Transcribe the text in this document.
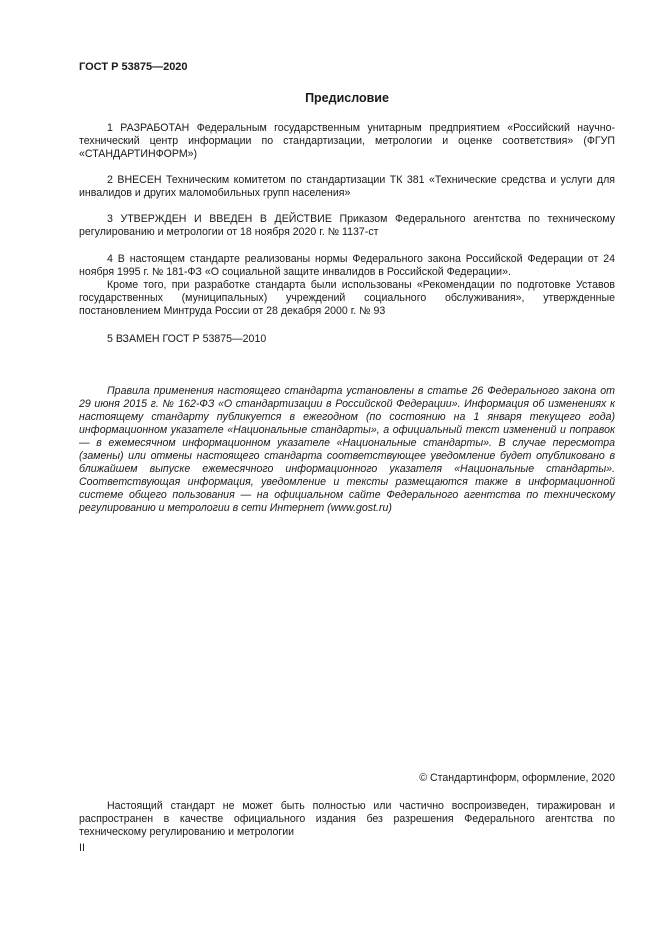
ГОСТ Р 53875—2020
Предисловие

1 РАЗРАБОТАН Федеральным государственным унитарным предприятием «Российский научно-технический центр информации по стандартизации, метрологии и оценке соответствия» (ФГУП «СТАНДАРТИНФОРМ»)

2 ВНЕСЕН Техническим комитетом по стандартизации ТК 381 «Технические средства и услуги для инвалидов и других маломобильных групп населения»

3 УТВЕРЖДЕН И ВВЕДЕН В ДЕЙСТВИЕ Приказом Федерального агентства по техническому регулированию и метрологии от 18 ноября 2020 г. № 1137-ст

4 В настоящем стандарте реализованы нормы Федерального закона Российской Федерации от 24 ноября 1995 г. № 181-ФЗ «О социальной защите инвалидов в Российской Федерации».

Кроме того, при разработке стандарта были использованы «Рекомендации по подготовке Уставов государственных (муниципальных) учреждений социального обслуживания», утвержденные постановлением Минтруда России от 28 декабря 2000 г. № 93

5 ВЗАМЕН ГОСТ Р 53875—2010

Правила применения настоящего стандарта установлены в статье 26 Федерального закона от 29 июня 2015 г. № 162-ФЗ «О стандартизации в Российской Федерации». Информация об изменениях к настоящему стандарту публикуется в ежегодном (по состоянию на 1 января текущего года) информационном указателе «Национальные стандарты», а официальный текст изменений и поправок — в ежемесячном информационном указателе «Национальные стандарты». В случае пересмотра (замены) или отмены настоящего стандарта соответствующее уведомление будет опубликовано в ближайшем выпуске ежемесячного информационного указателя «Национальные стандарты». Соответствующая информация, уведомление и тексты размещаются также в информационной системе общего пользования — на официальном сайте Федерального агентства по техническому регулированию и метрологии в сети Интернет (www.gost.ru)

© Стандартинформ, оформление, 2020

Настоящий стандарт не может быть полностью или частично воспроизведен, тиражирован и распространен в качестве официального издания без разрешения Федерального агентства по техническому регулированию и метрологии

II
